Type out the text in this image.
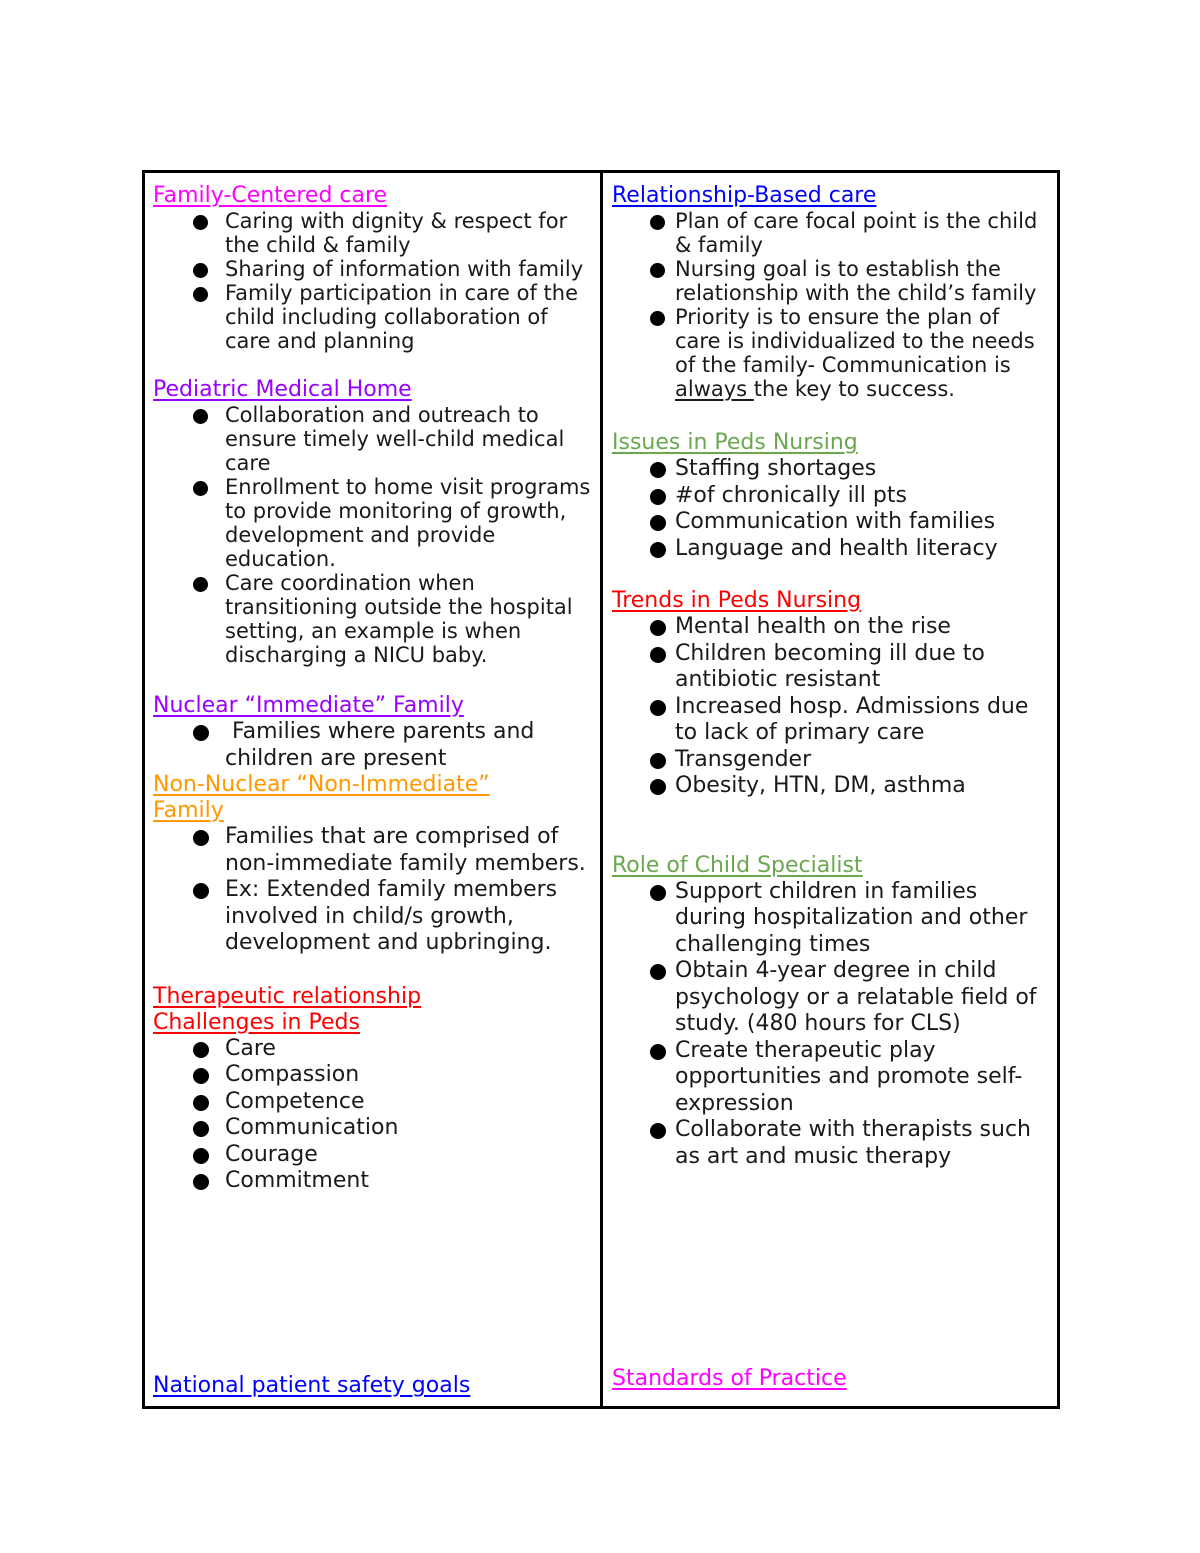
Family-Centered care

Caring with dignity & respect for the child & family
Sharing of information with family
Family participation in care of the child including collaboration of care and planning

Pediatric Medical Home

Collaboration and outreach to ensure timely well-child medical care
Enrollment to home visit programs to provide monitoring of growth, development and provide education.
Care coordination when transitioning outside the hospital setting, an example is when discharging a NICU baby.

Nuclear “Immediate” Family

Families where parents and children are present

Non-Nuclear “Non-Immediate”

Family

Families that are comprised of non-immediate family members.
Ex: Extended family members involved in child/s growth, development and upbringing.

Therapeutic relationship

Challenges in Peds

Care
Compassion
Competence
Communication
Courage
Commitment

National patient safety goals

Relationship-Based care

Plan of care focal point is the child & family
Nursing goal is to establish the relationship with the child’s family
Priority is to ensure the plan of care is individualized to the needs of the family- Communication is always the key to success.

Issues in Peds Nursing

Staffing shortages
#of chronically ill pts
Communication with families
Language and health literacy

Trends in Peds Nursing

Mental health on the rise
Children becoming ill due to antibiotic resistant
Increased hosp. Admissions due to lack of primary care
Transgender
Obesity, HTN, DM, asthma

Role of Child Specialist

Support children in families during hospitalization and other challenging times
Obtain 4-year degree in child psychology or a relatable field of study. (480 hours for CLS)
Create therapeutic play opportunities and promote self-expression
Collaborate with therapists such as art and music therapy

Standards of Practice
